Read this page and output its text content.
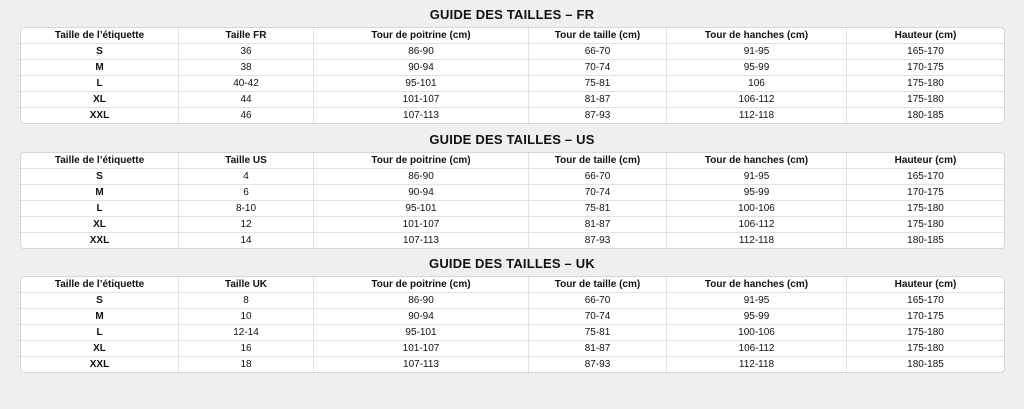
GUIDE DES TAILLES – FR
Taille de l’étiquette	Taille FR	Tour de poitrine (cm)	Tour de taille (cm)	Tour de hanches (cm)	Hauteur (cm)
S	36	86-90	66-70	91-95	165-170
M	38	90-94	70-74	95-99	170-175
L	40-42	95-101	75-81	106	175-180
XL	44	101-107	81-87	106-112	175-180
XXL	46	107-113	87-93	112-118	180-185
GUIDE DES TAILLES – US
Taille de l’étiquette	Taille US	Tour de poitrine (cm)	Tour de taille (cm)	Tour de hanches (cm)	Hauteur (cm)
S	4	86-90	66-70	91-95	165-170
M	6	90-94	70-74	95-99	170-175
L	8-10	95-101	75-81	100-106	175-180
XL	12	101-107	81-87	106-112	175-180
XXL	14	107-113	87-93	112-118	180-185
GUIDE DES TAILLES – UK
Taille de l’étiquette	Taille UK	Tour de poitrine (cm)	Tour de taille (cm)	Tour de hanches (cm)	Hauteur (cm)
S	8	86-90	66-70	91-95	165-170
M	10	90-94	70-74	95-99	170-175
L	12-14	95-101	75-81	100-106	175-180
XL	16	101-107	81-87	106-112	175-180
XXL	18	107-113	87-93	112-118	180-185
